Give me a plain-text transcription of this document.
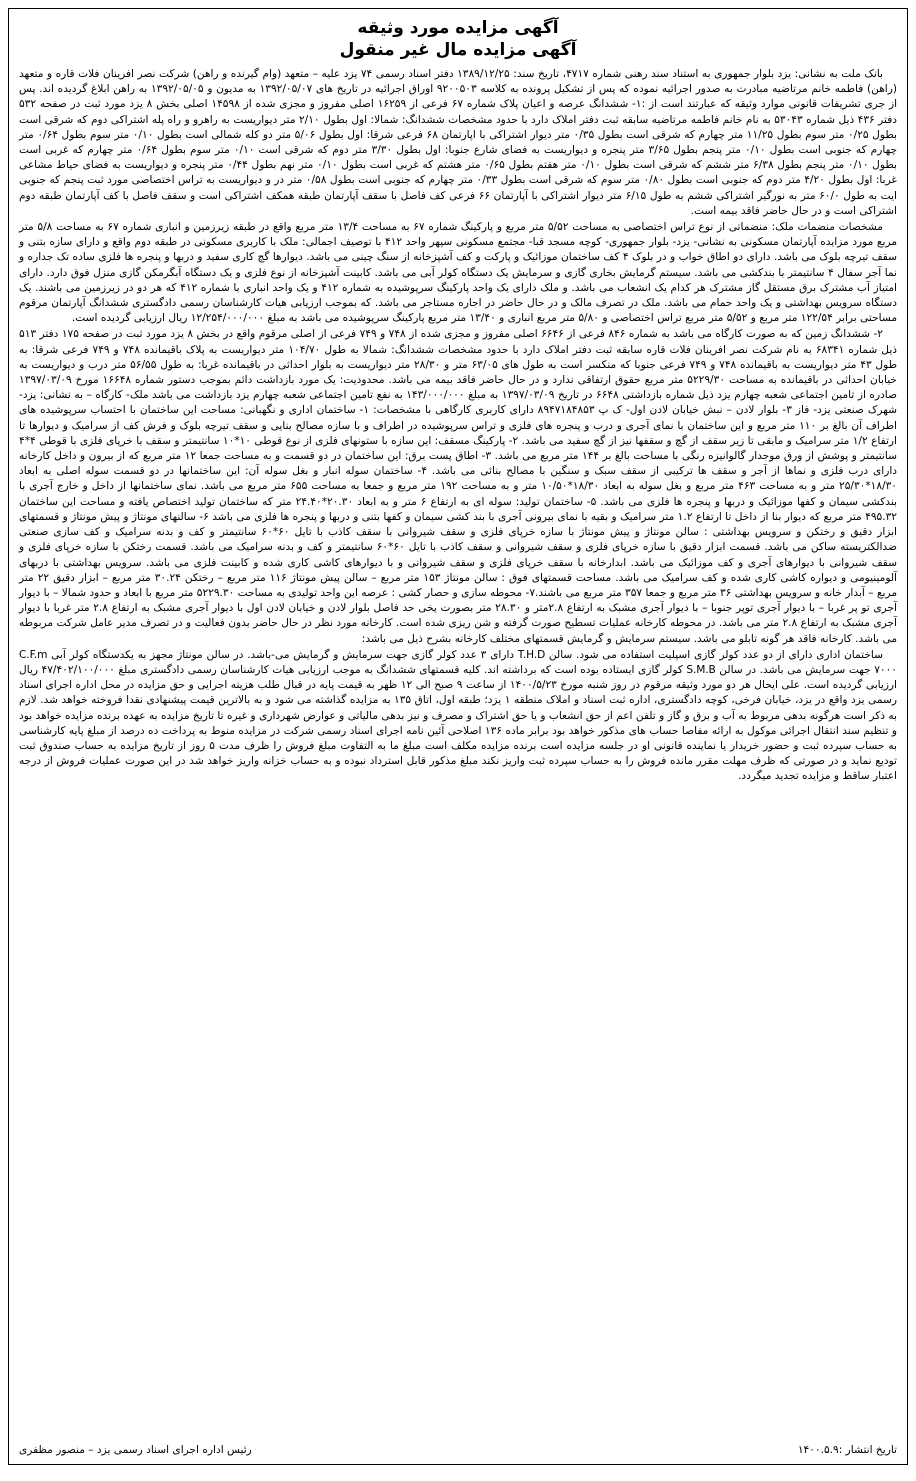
آگهی مزایده مورد وثیقه
آگهی مزایده مال غیر منقول

بانک ملت به نشانی: یزد بلوار جمهوری به استناد سند رهنی شماره ۴۷۱۷، تاریخ سند: ۱۳۸۹/۱۲/۲۵ دفتر اسناد رسمی ۷۴ یزد علیه – متعهد (وام گیرنده و راهن) شرکت نصر افرینان فلات قاره و متعهد (راهن) فاطمه خانم مرتاضیه مبادرت به صدور اجرائیه نموده که پس از تشکیل پرونده به کلاسه ۹۲۰۰۵۰۳ اوراق اجرائیه در تاریخ های ۱۳۹۲/۰۵/۰۷ به مدیون و ۱۳۹۲/۰۵/۰۵ به راهن ابلاغ گردیده اند. پس از جری تشریفات قانونی موارد وثیقه که عبارتند است از :۱- ششدانگ عرصه و اعیان پلاک شماره ۶۷ فرعی از ۱۶۲۵۹ اصلی مفروز و مجزی شده از ۱۴۵۹۸ اصلی بخش ۸ یزد مورد ثبت در صفحه ۵۳۲ دفتر ۴۳۶ ذیل شماره ۵۳۰۴۳ به نام خانم فاطمه مرتاضیه سابقه ثبت دفتر املاک دارد با حدود مشخصات ششدانگ: شمالا: اول بطول ۲/۱۰ متر دیواریست به راهرو و راه پله اشتراکی دوم که شرقی است بطول ۰/۲۵ متر سوم بطول ۱۱/۲۵ متر چهارم که شرقی است بطول ۰/۳۵ متر دیوار اشتراکی با اپارتمان ۶۸ فرعی شرقا: اول بطول ۵/۰۶ متر دو کله شمالی است بطول ۰/۱۰ متر سوم بطول ۰/۶۴ متر چهارم که جنوبی است بطول ۰/۱۰ متر پنجم بطول ۳/۶۵ متر پنجره و دیواریست به فضای شارع جنوبا: اول بطول ۳/۳۰ متر دوم که شرقی است ۰/۱۰ متر سوم بطول ۰/۶۴ متر چهارم که غربی است بطول ۰/۱۰ متر پنجم بطول ۶/۳۸ متر ششم که شرقی است بطول ۰/۱۰ متر هفتم بطول ۰/۶۵ متر هشتم که غربی است بطول ۰/۱۰ متر نهم بطول ۰/۴۴ متر پنجره و دیواریست به فضای حیاط مشاعی غربا: اول بطول ۴/۲۰ متر دوم که جنوبی است بطول ۰/۸۰ متر سوم که شرقی است بطول ۰/۳۳ متر چهارم که جنوبی است بطول ۰/۵۸ متر در و دیواریست به تراس اختصاصی مورد ثبت پنجم که جنوبی ایت به طول ۶۰/۰ متر به نورگیر اشتراکی ششم به طول ۶/۱۵ متر دیوار اشتراکی با آپارتمان ۶۶ فرعی کف فاصل با سقف آپارتمان طبقه همکف اشتراکی است و سقف فاصل با کف آپارتمان طبقه دوم اشتراکی است و در حال حاضر فاقد بیمه است.

مشخصات منضمات ملک: منضماتی از نوع تراس اختصاصی به مساحت ۵/۵۲ متر مربع و پارکینگ شماره ۶۷ به مساحت ۱۳/۴ متر مربع واقع در طبقه زیرزمین و انباری شماره ۶۷ به مساحت ۵/۸ متر مربع مورد مزایده آپارتمان مسکونی به نشانی- یزد- بلوار جمهوری- کوچه مسجد قبا- مجتمع مسکونی سپهر واحد ۴۱۲ با توصیف اجمالی: ملک با کاربری مسکونی در طبقه دوم واقع و دارای سازه بتنی و سقف تیرچه بلوک می باشد. دارای دو اطاق خواب و در بلوک ۴ کف ساختمان موزائیک و پارکت و کف آشپزخانه از سنگ چینی می باشد. دیوارها گچ کاری سفید و دربها و پنجره ها فلزی ساده تک جداره و نما آجر سفال ۴ سانتیمتر با بندکشی می باشد. سیستم گرمایش بخاری گازی و سرمایش یک دستگاه کولر آبی می باشد. کابینت آشپزخانه از نوع فلزی و یک دستگاه آبگرمکن گازی منزل فوق دارد. دارای امتیاز آب مشترک برق مستقل گاز مشترک هر کدام یک انشعاب می باشد. و ملک دارای یک واحد پارکینگ سرپوشیده به شماره ۴۱۲ و یک واحد انباری با شماره ۴۱۲ که هر دو در زیرزمین می باشند. یک دستگاه سرویس بهداشتی و یک واحد حمام می باشد. ملک در تصرف مالک و در حال حاضر در اجاره مستاجر می باشد. که بموجب ارزیابی هیات کارشناسان رسمی دادگستری ششدانگ آپارتمان مرقوم مساحتی برابر ۱۲۲/۵۴ متر مربع و ۵/۵۲ متر مربع تراس اختصاصی و ۵/۸۰ متر مربع انباری و ۱۳/۴۰ متر مربع پارکینگ سرپوشیده می باشد به مبلغ ۱۲/۲۵۴/۰۰۰/۰۰۰ ریال ارزیابی گردیده است.

۲- ششدانگ زمین که به صورت کارگاه می باشد به شماره ۸۴۶ فرعی از ۶۶۴۶ اصلی مفروز و مجزی شده از ۷۴۸ و ۷۴۹ فرعی از اصلی مرقوم واقع در بخش ۸ یزد مورد ثبت در صفحه ۱۷۵ دفتر ۵۱۳ ذیل شماره ۶۸۳۴۱ به نام شرکت نصر افرینان فلات قاره سابقه ثبت دفتر املاک دارد با حدود مشخصات ششدانگ: شمالا به طول ۱۰۴/۷۰ متر دیواریست به پلاک باقیمانده ۷۴۸ و ۷۴۹ فرعی شرقا: به طول ۴۳ متر دیواریست به باقیمانده ۷۴۸ و ۷۴۹ فرعی جنوبا که منکسر است به طول های ۶۳/۰۵ متر و ۲۸/۳۰ متر دیواریست به بلوار احداثی در باقیمانده غربا: به طول ۵۶/۵۵ متر درب و دیواریست به خیابان احداثی در باقیمانده به مساحت ۵۲۲۹/۳۰ متر مربع حقوق ارتفاقی ندارد و در حال حاضر فاقد بیمه می باشد. محدودیت: یک مورد بازداشت دائم بموجب دستور شماره ۱۶۶۴۸ مورخ ۱۳۹۷/۰۳/۰۹ صادره از تامین اجتماعی شعبه چهارم یزد ذیل شماره بازداشتی ۶۶۴۸ در تاریخ ۱۳۹۷/۰۳/۰۹ به مبلغ ۱۴۳/۰۰۰/۰۰۰ به نفع تامین اجتماعی شعبه چهارم یزد بازداشت می باشد ملک- کارگاه – به نشانی: یزد- شهرک صنعتی یزد- فاز ۳- بلوار لادن – نبش خیابان لادن اول- ک پ ۸۹۴۷۱۸۴۸۵۳ دارای کاربری کارگاهی با مشخصات: ۱- ساختمان اداری و نگهبانی: مساحت این ساختمان با احتساب سرپوشیده های اطراف آن بالغ بر ۱۱۰ متر مربع و این ساختمان با نمای آجری و درب و پنجره های فلزی و تراس سرپوشیده در اطراف و با سازه مصالح بنایی و سقف تیرچه بلوک و فرش کف از سرامیک و دیوارها تا ارتفاع ۱/۲ متر سرامیک و مابقی تا زیر سقف از گچ و سقفها نیز از گچ سفید می باشد. ۲- پارکینگ مسقف: این سازه با ستونهای فلزی از نوع قوطی ۱۰*۱۰ سانتیمتر و سقف با خرپای فلزی با قوطی ۴*۴ سانتیمتر و پوشش از ورق موجدار گالوانیزه رنگی با مساحت بالغ بر ۱۴۴ متر مربع می باشد. ۳- اطاق پست برق: این ساختمان در دو قسمت و به مساحت جمعا ۱۲ متر مربع که از بیرون و داخل کارخانه دارای درب فلزی و نماها از آجر و سقف ها ترکیبی از سقف سبک و سنگین با مصالح بنائی می باشد. ۴- ساختمان سوله انبار و بغل سوله آن: این ساختمانها در دو قسمت سوله اصلی به ابعاد ۱۸/۳۰*۲۵/۳۰ متر و به مساحت ۴۶۳ متر مربع و بغل سوله به ابعاد ۱۸/۳۰*۱۰/۵۰ متر و به مساحت ۱۹۲ متر مربع و جمعا به مساحت ۶۵۵ متر مربع می باشد. نمای ساختمانها از داخل و خارج آجری با بندکشی سیمان و کفها موزائیک و دربها و پنجره ها فلزی می باشد. ۵- ساختمان تولید: سوله ای به ارتفاع ۶ متر و به ابعاد ۲۰.۳۰*۲۴.۴۰ متر که ساختمان تولید اختصاص یافته و مساحت این ساختمان ۴۹۵.۳۲ متر مربع که دیوار بنا از داخل تا ارتفاع ۱.۲ متر سرامیک و بقیه با نمای بیرونی آجری با بند کشی سیمان و کفها بتنی و دربها و پنجره ها فلزی می باشد ۶- سالنهای مونتاژ و پیش مونتاژ و قسمتهای ابزار دقیق و رختکن و سرویس بهداشتی : سالن مونتاژ و پیش مونتاژ با سازه خرپای فلزی و سقف شیروانی با سقف کاذب با تایل ۶۰*۶۰ سانتیمتر و کف و بدنه سرامیک و کف سازی صنعتی ضدالکتریسته ساکن می باشد. قسمت ابزار دقیق با سازه خرپای فلزی و سقف شیروانی و سقف کاذب با تایل ۶۰*۶۰ سانتیمتر و کف و بدنه سرامیک می باشد. قسمت رختکن با سازه خرپای فلزی و سقف شیروانی با دیوارهای آجری و کف موزائیک می باشد. ابدارخانه با سقف خرپای فلزی و سقف شیروانی و با دیوارهای کاشی کاری شده و کابینت فلزی می باشد. سرویس بهداشتی با دربهای آلومینیومی و دیواره کاشی کاری شده و کف سرامیک می باشد. مساحت قسمتهای فوق : سالن مونتاژ ۱۵۳ متر مربع – سالن پیش مونتاژ ۱۱۶ متر مربع – رختکن ۳۰.۲۴ متر مربع – ابزار دقیق ۲۲ متر مربع – آبدار خانه و سرویس بهداشتی ۳۶ متر مربع و جمعا ۳۵۷ متر مربع می باشند.۷- محوطه سازی و حصار کشی : عرصه این واحد تولیدی به مساحت ۵۲۲۹.۳۰ متر مربع با ابعاد و حدود شمالا – با دیوار آجری تو پر غربا – با دیوار آجری توپر جنوبا – با دیوار آجری مشبک به ارتفاع ۲.۸متر و ۲۸.۳۰ متر بصورت یخی حد فاصل بلوار لادن و خیابان لادن اول با دیوار آجری مشبک به ارتفاع ۲.۸ متر غربا با دیوار آجری مشبک به ارتفاع ۲.۸ متر می باشد. در محوطه کارخانه عملیات تسطیح صورت گرفته و شن ریزی شده است. کارخانه مورد نظر در حال حاضر بدون فعالیت و در تصرف مدیر عامل شرکت مربوطه می باشد. کارخانه فاقد هر گونه تابلو می باشد. سیستم سرمایش و گرمایش قسمتهای مختلف کارخانه بشرح ذیل می باشد:

ساختمان اداری دارای از دو عدد کولر گازی اسپلیت استفاده می شود. سالن T.H.D دارای ۳ عدد کولر گازی جهت سرمایش و گرمایش می-باشد. در سالن مونتاژ مجهز به یکدستگاه کولر آبی C.F.m ۷۰۰۰ جهت سرمایش می باشد. در سالن S.M.B کولر گازی ایستاده بوده است که برداشته اند. کلیه قسمتهای ششدانگ به موجب ارزیابی هیات کارشناسان رسمی دادگستری مبلغ ۴۷/۴۰۲/۱۰۰/۰۰۰ ریال ارزیابی گردیده است. علی ایحال هر دو مورد وثیقه مرقوم در روز شنبه مورخ ۱۴۰۰/۵/۲۳ از ساعت ۹ صبح الی ۱۲ ظهر به قیمت پایه در قبال طلب هزینه اجرایی و حق مزایده در محل اداره اجرای اسناد رسمی یزد واقع در یزد، خیابان فرخی، کوچه دادگستری، اداره ثبت اسناد و املاک منطقه ۱ یزد؛ طبقه اول، اتاق ۱۳۵ به مزایده گذاشته می شود و به بالاترین قیمت پیشنهادی نقدا فروخته خواهد شد. لازم به ذکر است هرگونه بدهی مربوط به آب و برق و گاز و تلفن اعم از حق انشعاب و یا حق اشتراک و مصرف و نیز بدهی مالیاتی و عوارض شهرداری و غیره تا تاریخ مزایده به عهده برنده مزایده خواهد بود و تنظیم سند انتقال اجرائی موکول به ارائه مفاصا حساب های مذکور خواهد بود برابر ماده ۱۳۶ اصلاحی آئین نامه اجرای اسناد رسمی شرکت در مزایده منوط به پرداخت ده درصد از مبلغ پایه کارشناسی به حساب سپرده ثبت و حضور خریدار یا نماینده قانونی او در جلسه مزایده است برنده مزایده مکلف است مبلغ ما به التفاوت مبلغ فروش را ظرف مدت ۵ روز از تاریخ مزایده به حساب صندوق ثبت تودیع نماید و در صورتی که ظرف مهلت مقرر مانده فروش را به حساب سپرده ثبت واریز نکند مبلغ مذکور قابل استرداد نبوده و به حساب خزانه واریز خواهد شد در این صورت عملیات فروش از درجه اعتبار ساقط و مزایده تجدید میگردد.

تاریخ انتشار :۱۴۰۰.۵.۹
رئیس اداره اجرای اسناد رسمی یزد – منصور مظفری
